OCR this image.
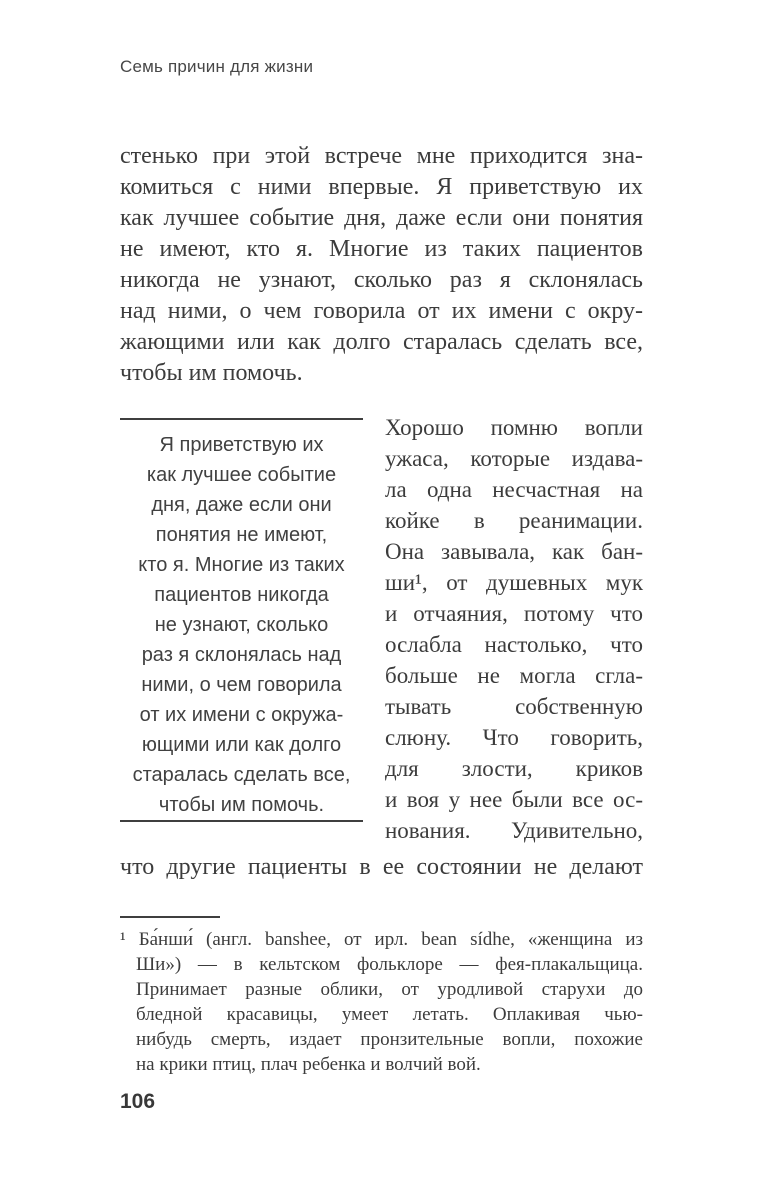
Семь причин для жизни
стенько при этой встрече мне приходится зна-
комиться с ними впервые. Я приветствую их
как лучшее событие дня, даже если они понятия
не имеют, кто я. Многие из таких пациентов
никогда не узнают, сколько раз я склонялась
над ними, о чем говорила от их имени с окру-
жающими или как долго старалась сделать все,
чтобы им помочь.
Я приветствую их
как лучшее событие
дня, даже если они
понятия не имеют,
кто я. Многие из таких
пациентов никогда
не узнают, сколько
раз я склонялась над
ними, о чем говорила
от их имени с окружа-
ющими или как долго
старалась сделать все,
чтобы им помочь.
Хорошо помню вопли
ужаса, которые издава-
ла одна несчастная на
койке в реанимации.
Она завывала, как бан-
ши¹, от душевных мук
и отчаяния, потому что
ослабла настолько, что
больше не могла сгла-
тывать собственную
слюну. Что говорить,
для злости, криков
и воя у нее были все ос-
нования. Удивительно,
что другие пациенты в ее состоянии не делают
¹ Ба́нши́ (англ. banshee, от ирл. bean sídhe, «женщина из
Ши») — в кельтском фольклоре — фея-плакальщица.
Принимает разные облики, от уродливой старухи до
бледной красавицы, умеет летать. Оплакивая чью-
нибудь смерть, издает пронзительные вопли, похожие
на крики птиц, плач ребенка и волчий вой.
106
